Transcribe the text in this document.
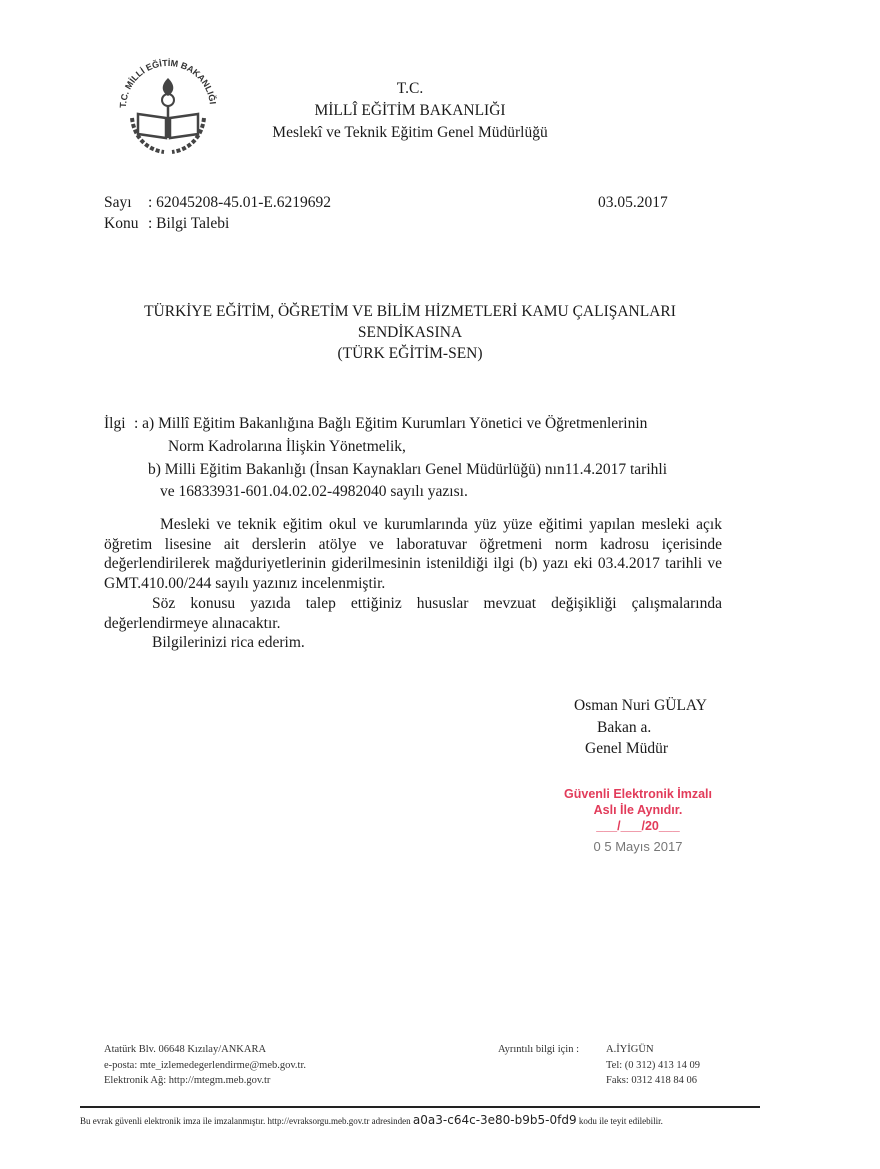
T.C. MİLLİ EĞİTİM BAKANLIĞI
T.C.
MİLLÎ EĞİTİM BAKANLIĞI
Meslekî ve Teknik Eğitim Genel Müdürlüğü
Sayı : 62045208-45.01-E.6219692
Konu : Bilgi Talebi
03.05.2017
TÜRKİYE EĞİTİM, ÖĞRETİM VE BİLİM HİZMETLERİ KAMU ÇALIŞANLARI
SENDİKASINA
(TÜRK EĞİTİM-SEN)
İlgi : a) Millî Eğitim Bakanlığına Bağlı Eğitim Kurumları Yönetici ve Öğretmenlerinin
Norm Kadrolarına İlişkin Yönetmelik,
b) Milli Eğitim Bakanlığı (İnsan Kaynakları Genel Müdürlüğü) nın11.4.2017 tarihli
ve 16833931-601.04.02.02-4982040 sayılı yazısı.
Mesleki ve teknik eğitim okul ve kurumlarında yüz yüze eğitimi yapılan mesleki açık öğretim lisesine ait derslerin atölye ve laboratuvar öğretmeni norm kadrosu içerisinde değerlendirilerek mağduriyetlerinin giderilmesinin istenildiği ilgi (b) yazı eki 03.4.2017 tarihli ve GMT.410.00/244 sayılı yazınız incelenmiştir.
Söz konusu yazıda talep ettiğiniz hususlar mevzuat değişikliği çalışmalarında değerlendirmeye alınacaktır.
Bilgilerinizi rica ederim.
Osman Nuri GÜLAY
Bakan a.
Genel Müdür
Güvenli Elektronik İmzalı
Aslı İle Aynıdır.
___/___/20___
0 5 Mayıs 2017
Atatürk Blv. 06648 Kızılay/ANKARA
e-posta: mte_izlemedegerlendirme@meb.gov.tr.
Elektronik Ağ: http://mtegm.meb.gov.tr
Ayrıntılı bilgi için :	A.İYİGÜN
Tel: (0 312) 413 14 09
Faks: 0312 418 84 06
Bu evrak güvenli elektronik imza ile imzalanmıştır. http://evraksorgu.meb.gov.tr adresinden a0a3-c64c-3e80-b9b5-0fd9 kodu ile teyit edilebilir.
